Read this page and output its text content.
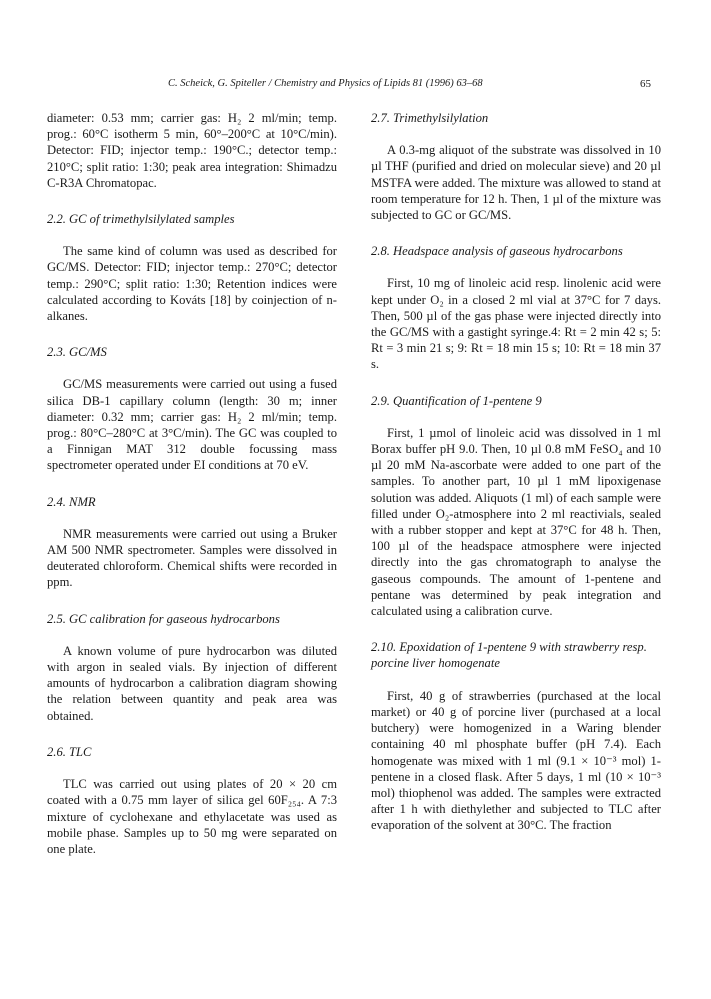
C. Scheick, G. Spiteller / Chemistry and Physics of Lipids 81 (1996) 63–68	65

diameter: 0.53 mm; carrier gas: H₂ 2 ml/min; temp. prog.: 60°C isotherm 5 min, 60°–200°C at 10°C/min). Detector: FID; injector temp.: 190°C.; detector temp.: 210°C; split ratio: 1:30; peak area integration: Shimadzu C-R3A Chromatopac.

2.2. GC of trimethylsilylated samples

The same kind of column was used as described for GC/MS. Detector: FID; injector temp.: 270°C; detector temp.: 290°C; split ratio: 1:30; Retention indices were calculated according to Kováts [18] by coinjection of n-alkanes.

2.3. GC/MS

GC/MS measurements were carried out using a fused silica DB-1 capillary column (length: 30 m; inner diameter: 0.32 mm; carrier gas: H₂ 2 ml/min; temp. prog.: 80°C–280°C at 3°C/min). The GC was coupled to a Finnigan MAT 312 double focussing mass spectrometer operated under EI conditions at 70 eV.

2.4. NMR

NMR measurements were carried out using a Bruker AM 500 NMR spectrometer. Samples were dissolved in deuterated chloroform. Chemical shifts were recorded in ppm.

2.5. GC calibration for gaseous hydrocarbons

A known volume of pure hydrocarbon was diluted with argon in sealed vials. By injection of different amounts of hydrocarbon a calibration diagram showing the relation between quantity and peak area was obtained.

2.6. TLC

TLC was carried out using plates of 20 × 20 cm coated with a 0.75 mm layer of silica gel 60F₂₅₄. A 7:3 mixture of cyclohexane and ethylacetate was used as mobile phase. Samples up to 50 mg were separated on one plate.

2.7. Trimethylsilylation

A 0.3-mg aliquot of the substrate was dissolved in 10 µl THF (purified and dried on molecular sieve) and 20 µl MSTFA were added. The mixture was allowed to stand at room temperature for 12 h. Then, 1 µl of the mixture was subjected to GC or GC/MS.

2.8. Headspace analysis of gaseous hydrocarbons

First, 10 mg of linoleic acid resp. linolenic acid were kept under O₂ in a closed 2 ml vial at 37°C for 7 days. Then, 500 µl of the gas phase were injected directly into the GC/MS with a gastight syringe.4: Rt = 2 min 42 s; 5: Rt = 3 min 21 s; 9: Rt = 18 min 15 s; 10: Rt = 18 min 37 s.

2.9. Quantification of 1-pentene 9

First, 1 µmol of linoleic acid was dissolved in 1 ml Borax buffer pH 9.0. Then, 10 µl 0.8 mM FeSO₄ and 10 µl 20 mM Na-ascorbate were added to one part of the samples. To another part, 10 µl 1 mM lipoxigenase solution was added. Aliquots (1 ml) of each sample were filled under O₂-atmosphere into 2 ml reactivials, sealed with a rubber stopper and kept at 37°C for 48 h. Then, 100 µl of the headspace atmosphere were injected directly into the gas chromatograph to analyse the gaseous compounds. The amount of 1-pentene and pentane was determined by peak integration and calculated using a calibration curve.

2.10. Epoxidation of 1-pentene 9 with strawberry resp. porcine liver homogenate

First, 40 g of strawberries (purchased at the local market) or 40 g of porcine liver (purchased at a local butchery) were homogenized in a Waring blender containing 40 ml phosphate buffer (pH 7.4). Each homogenate was mixed with 1 ml (9.1 × 10⁻³ mol) 1-pentene in a closed flask. After 5 days, 1 ml (10 × 10⁻³ mol) thiophenol was added. The samples were extracted after 1 h with diethylether and subjected to TLC after evaporation of the solvent at 30°C. The fraction
